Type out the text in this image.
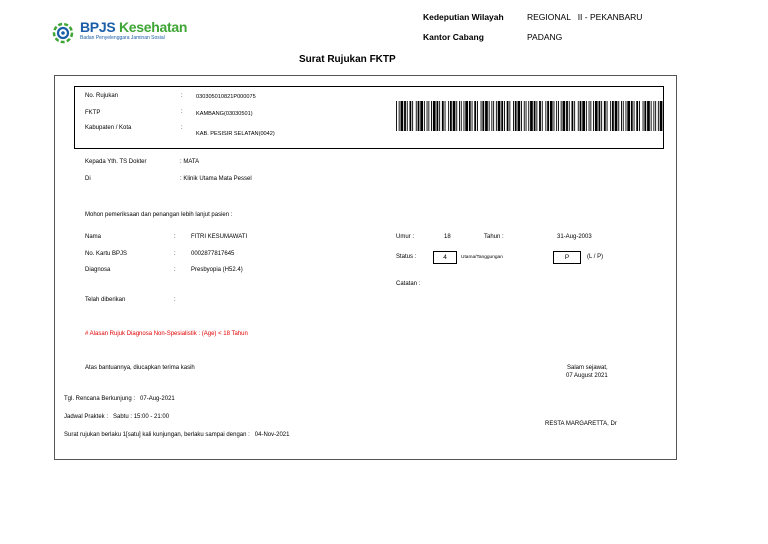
BPJS Kesehatan
Badan Penyelenggara Jaminan Sosial
Kedeputian Wilayah	REGIONAL   II - PEKANBARU
Kantor Cabang	PADANG
Surat Rujukan FKTP
No. Rujukan	: 030305010821P000075
FKTP	: KAMBANG(03030501)
Kabupaten / Kota	:
KAB. PESISIR SELATAN(0042)
Kepada Yth. TS Dokter	: MATA
Di	: Klinik Utama Mata Pessel
Mohon pemeriksaan dan penangan lebih lanjut pasien :
Nama	:	FITRI KESUMAWATI
No. Kartu BPJS	:	0002877817645
Diagnosa	:	Presbyopia (H52.4)
Telah diberikan	:
Umur :	18	Tahun :	31-Aug-2003
Status :	4	Utama/Tanggungan	P	(L / P)
Catatan :
# Alasan Rujuk Diagnosa Non-Spesialistik : (Age) < 18 Tahun
Atas bantuannya, diucapkan terima kasih	Salam sejawat,
07 August 2021
Tgl. Rencana Berkunjung :   07-Aug-2021
Jadwal Praktek :   Sabtu : 15:00 - 21:00
Surat rujukan berlaku 1[satu] kali kunjungan, berlaku sampai dengan :   04-Nov-2021
RESTA MARGARETTA, Dr
